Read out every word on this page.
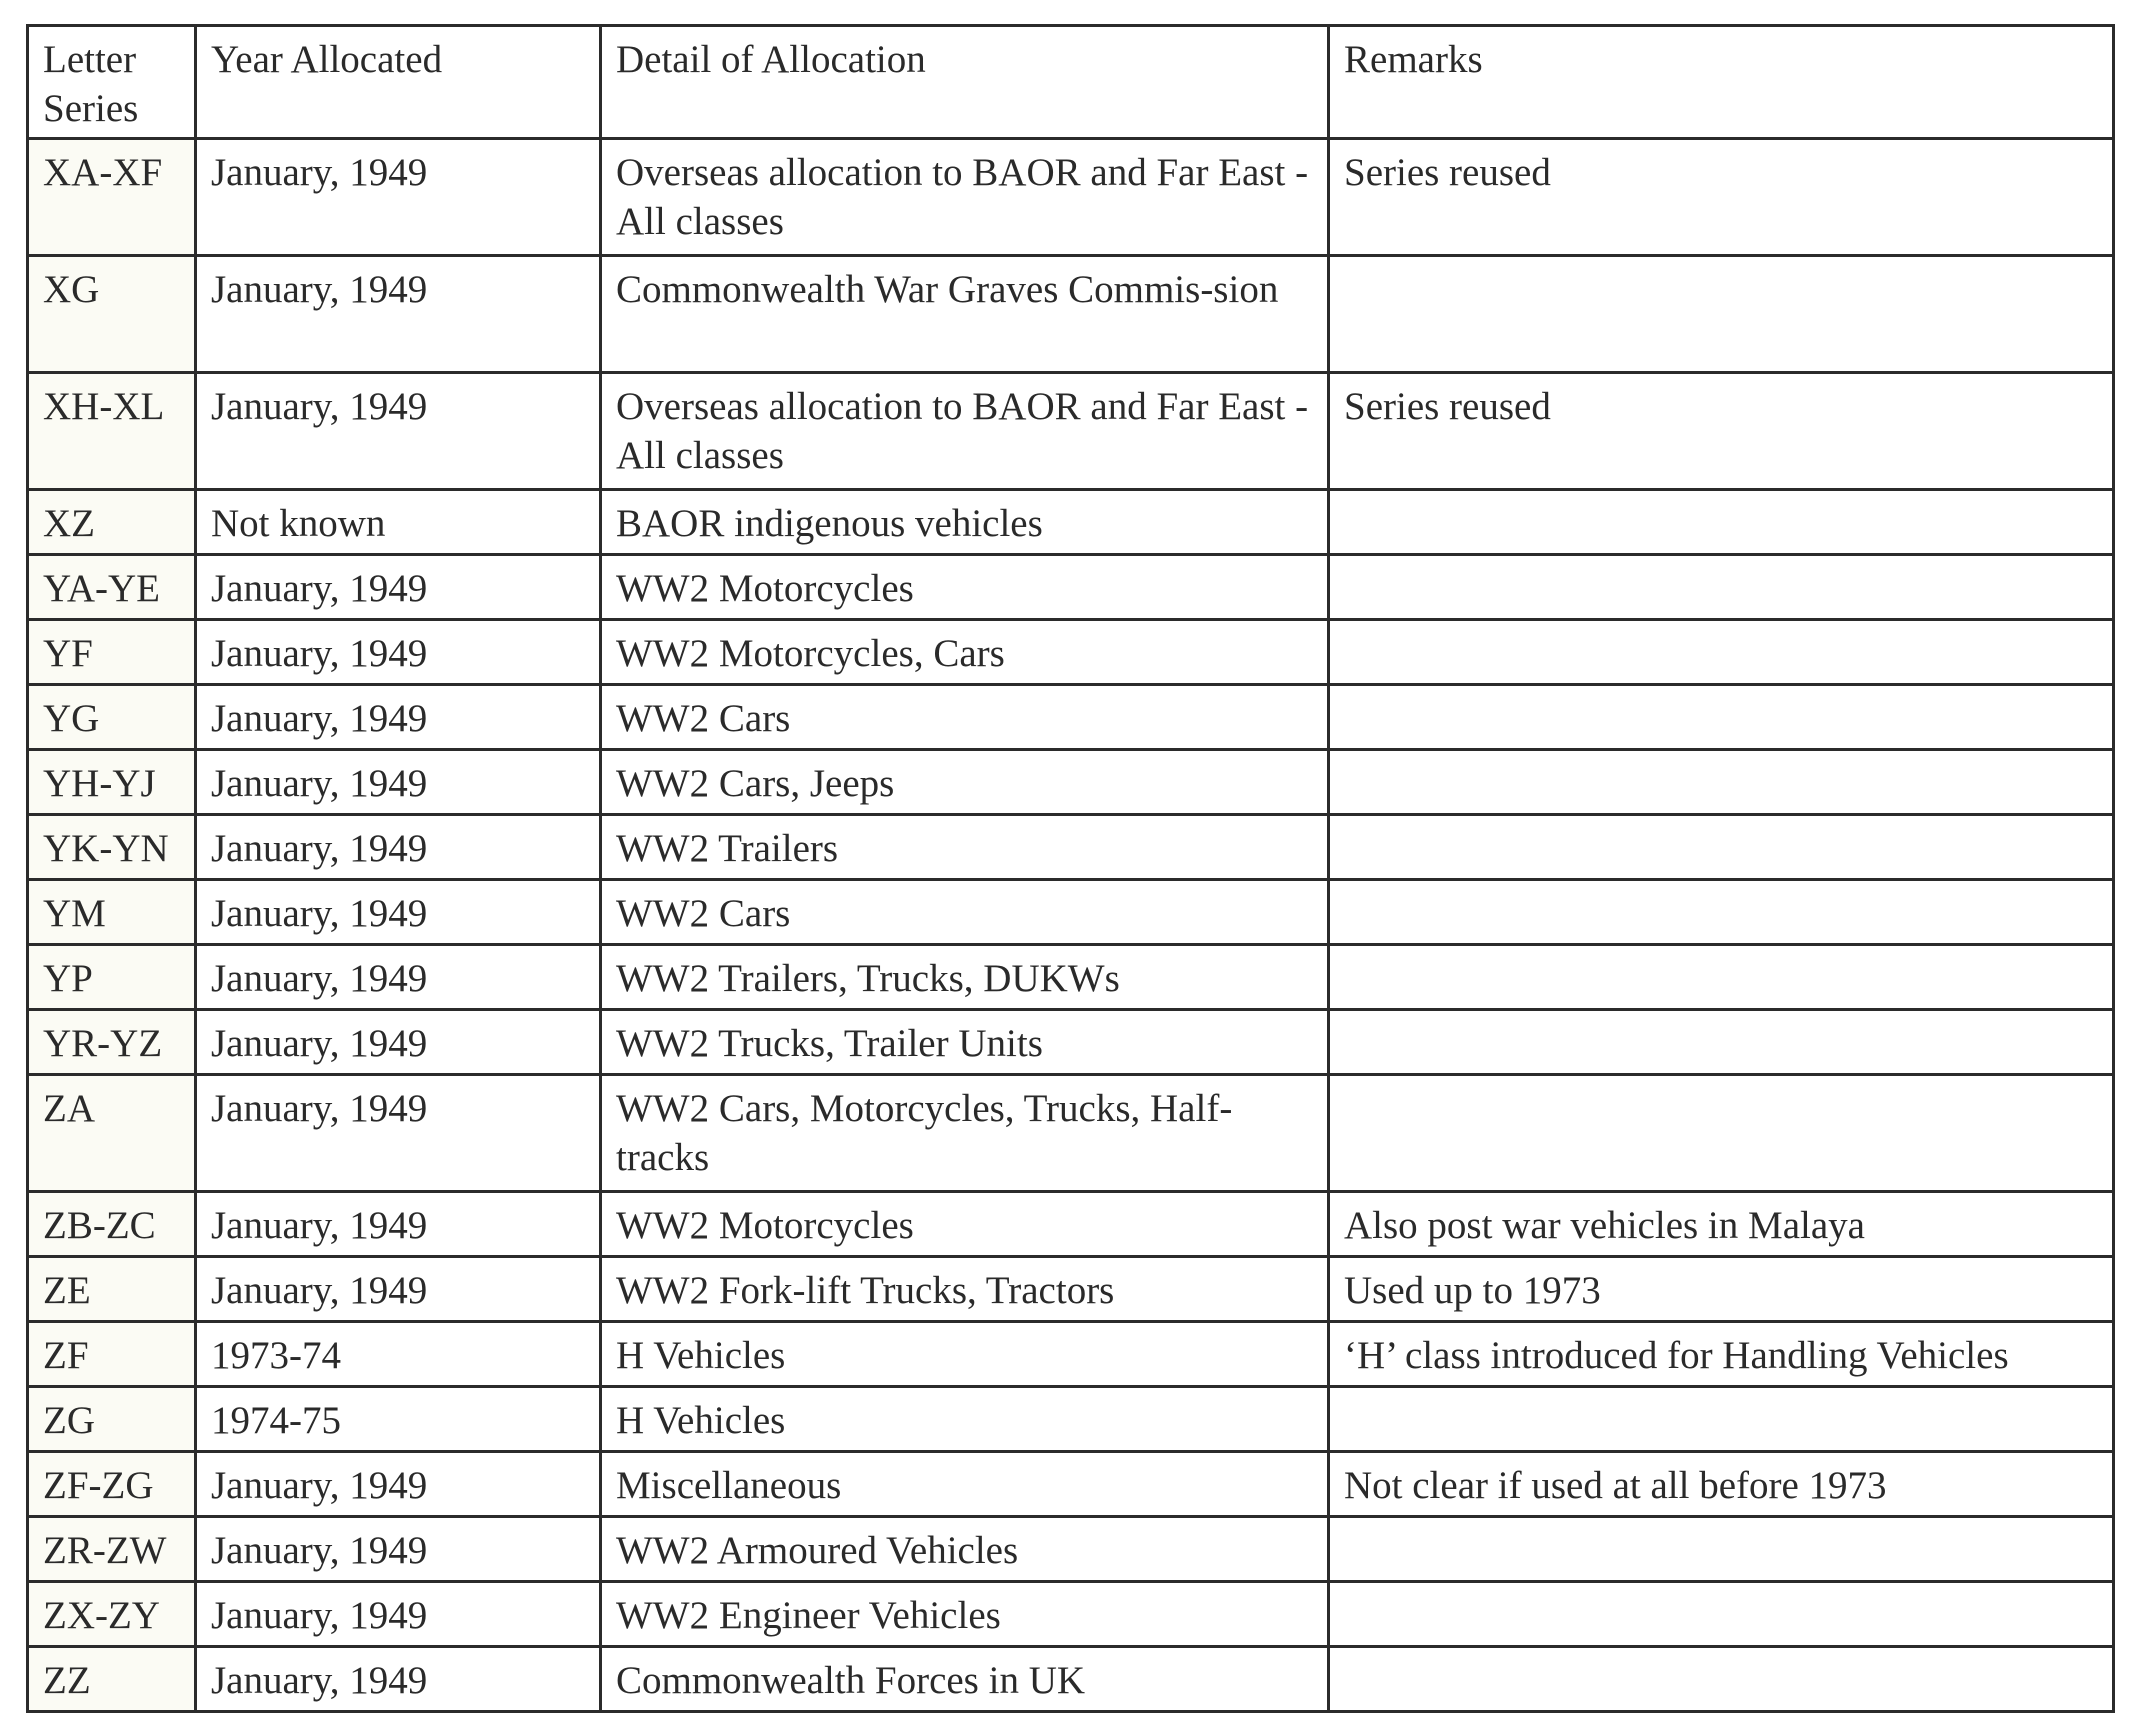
Letter Series	Year Allocated	Detail of Allocation	Remarks
XA-XF	January, 1949	Overseas allocation to BAOR and Far East - All classes	Series reused
XG	January, 1949	Commonwealth War Graves Commis-sion	
XH-XL	January, 1949	Overseas allocation to BAOR and Far East - All classes	Series reused
XZ	Not known	BAOR indigenous vehicles	
YA-YE	January, 1949	WW2 Motorcycles	
YF	January, 1949	WW2 Motorcycles, Cars	
YG	January, 1949	WW2 Cars	
YH-YJ	January, 1949	WW2 Cars, Jeeps	
YK-YN	January, 1949	WW2 Trailers	
YM	January, 1949	WW2 Cars	
YP	January, 1949	WW2 Trailers, Trucks, DUKWs	
YR-YZ	January, 1949	WW2 Trucks, Trailer Units	
ZA	January, 1949	WW2 Cars, Motorcycles, Trucks, Half-tracks	
ZB-ZC	January, 1949	WW2 Motorcycles	Also post war vehicles in Malaya
ZE	January, 1949	WW2 Fork-lift Trucks, Tractors	Used up to 1973
ZF	1973-74	H Vehicles	‘H’ class introduced for Handling Vehicles
ZG	1974-75	H Vehicles	
ZF-ZG	January, 1949	Miscellaneous	Not clear if used at all before 1973
ZR-ZW	January, 1949	WW2 Armoured Vehicles	
ZX-ZY	January, 1949	WW2 Engineer Vehicles	
ZZ	January, 1949	Commonwealth Forces in UK	
